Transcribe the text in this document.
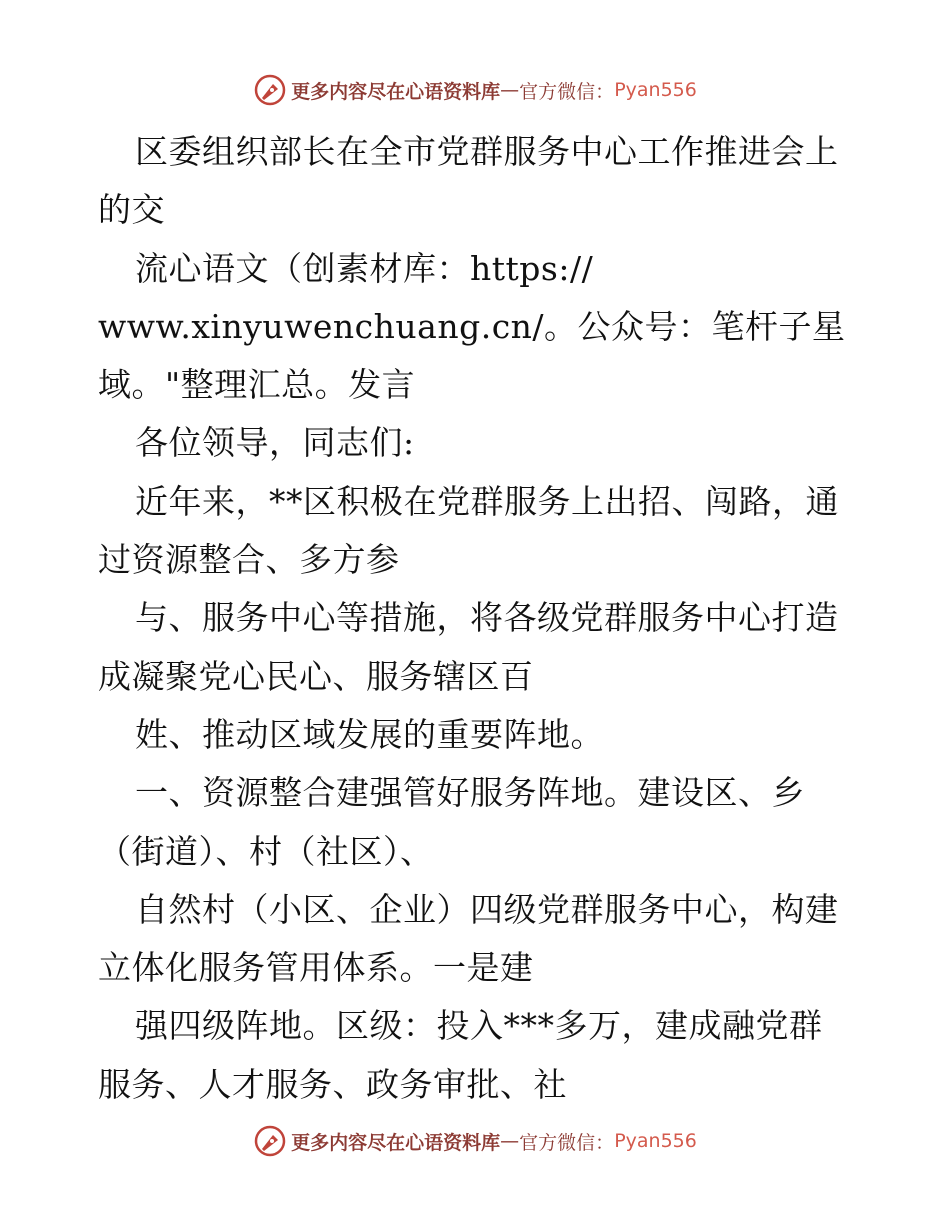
更多内容尽在心语资料库 — 官方微信： Pyan556
区委组织部长在全市党群服务中心工作推进会上
的交
流心语文（创素材库：https://
www.xinyuwenchuang.cn/。公众号：笔杆子星
域。"整理汇总。发言
各位领导，同志们:
近年来，**区积极在党群服务上出招、闯路，通
过资源整合、多方参
与、服务中心等措施，将各级党群服务中心打造
成凝聚党心民心、服务辖区百
姓、推动区域发展的重要阵地。
一、资源整合建强管好服务阵地。建设区、乡
（街道）、村（社区）、
自然村（小区、企业）四级党群服务中心，构建
立体化服务管用体系。一是建
强四级阵地。区级：投入***多万，建成融党群
服务、人才服务、政务审批、社
更多内容尽在心语资料库 — 官方微信： Pyan556
